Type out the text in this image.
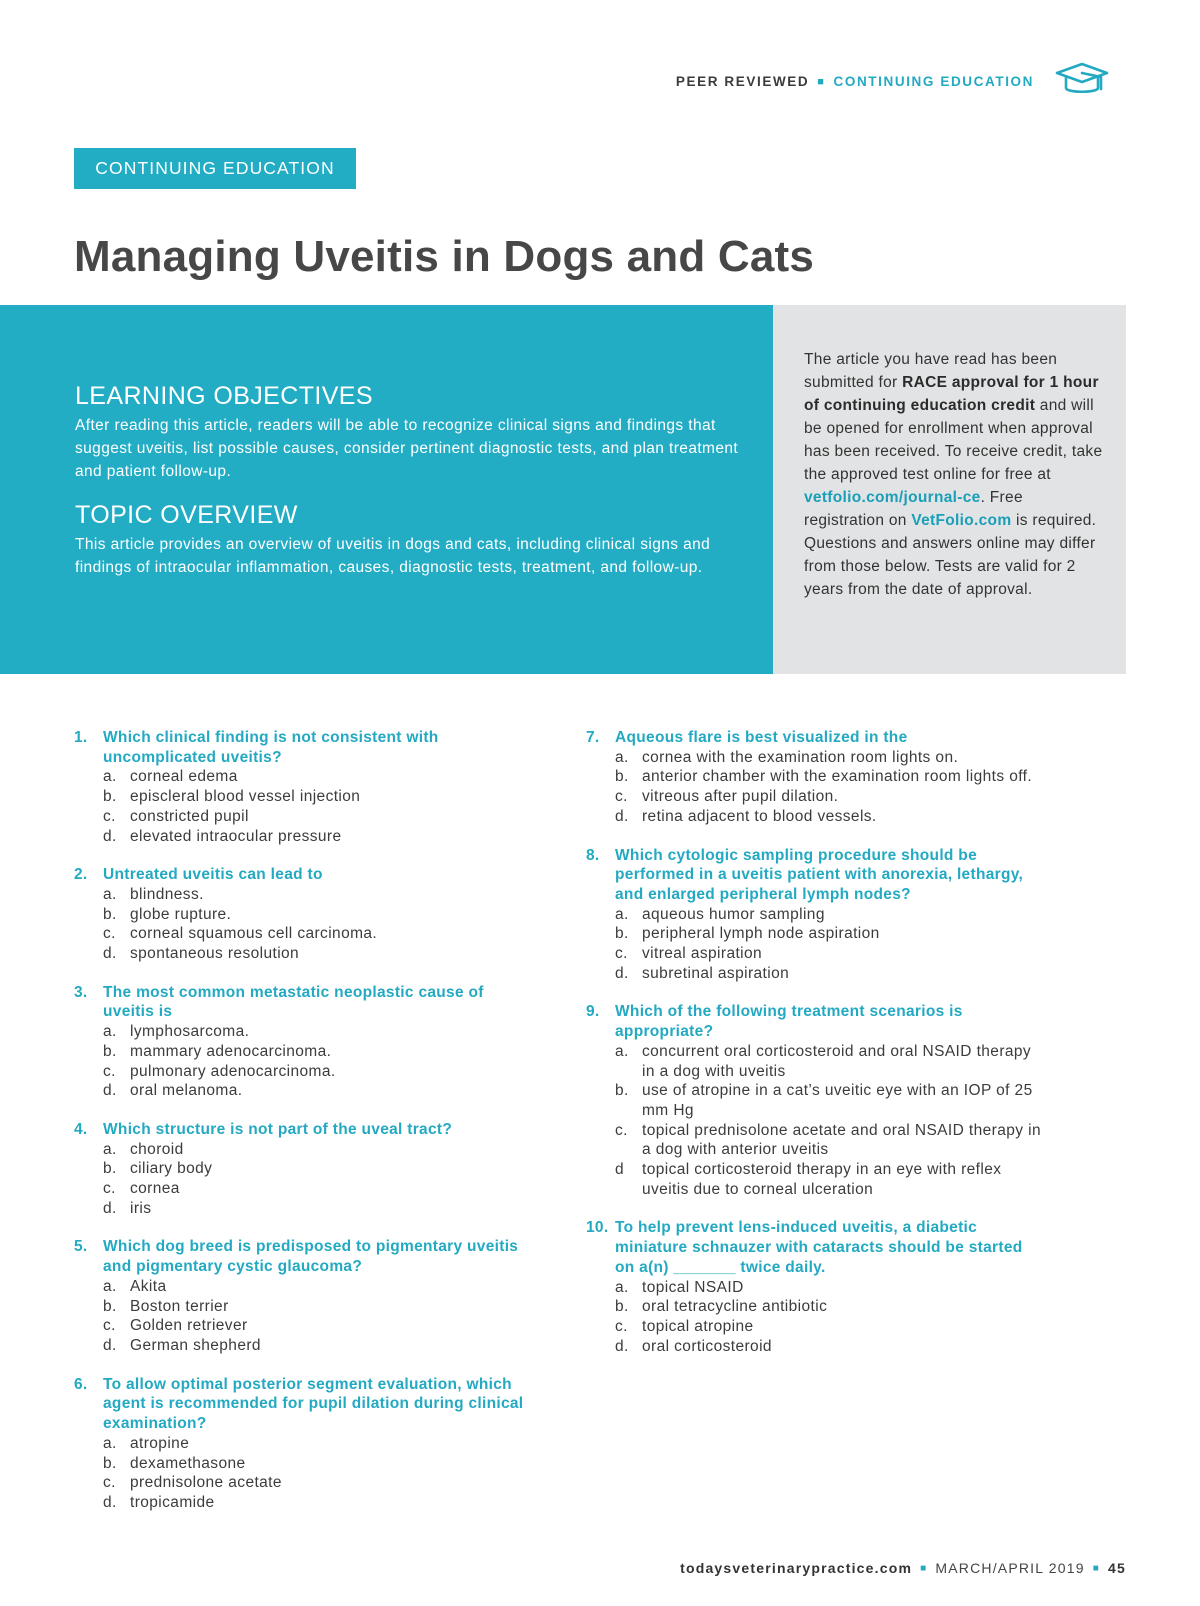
PEER REVIEWED ■ CONTINUING EDUCATION
CONTINUING EDUCATION
Managing Uveitis in Dogs and Cats
LEARNING OBJECTIVES

After reading this article, readers will be able to recognize clinical signs and findings that suggest uveitis, list possible causes, consider pertinent diagnostic tests, and plan treatment and patient follow-up.

TOPIC OVERVIEW

This article provides an overview of uveitis in dogs and cats, including clinical signs and findings of intraocular inflammation, causes, diagnostic tests, treatment, and follow-up.

The article you have read has been submitted for RACE approval for 1 hour of continuing education credit and will be opened for enrollment when approval has been received. To receive credit, take the approved test online for free at vetfolio.com/journal-ce. Free registration on VetFolio.com is required. Questions and answers online may differ from those below. Tests are valid for 2 years from the date of approval.
1. Which clinical finding is not consistent with uncomplicated uveitis?
a. corneal edema
b. episcleral blood vessel injection
c. constricted pupil
d. elevated intraocular pressure
2. Untreated uveitis can lead to
a. blindness.
b. globe rupture.
c. corneal squamous cell carcinoma.
d. spontaneous resolution
3. The most common metastatic neoplastic cause of uveitis is
a. lymphosarcoma.
b. mammary adenocarcinoma.
c. pulmonary adenocarcinoma.
d. oral melanoma.
4. Which structure is not part of the uveal tract?
a. choroid
b. ciliary body
c. cornea
d. iris
5. Which dog breed is predisposed to pigmentary uveitis and pigmentary cystic glaucoma?
a. Akita
b. Boston terrier
c. Golden retriever
d. German shepherd
6. To allow optimal posterior segment evaluation, which agent is recommended for pupil dilation during clinical examination?
a. atropine
b. dexamethasone
c. prednisolone acetate
d. tropicamide
7. Aqueous flare is best visualized in the
a. cornea with the examination room lights on.
b. anterior chamber with the examination room lights off.
c. vitreous after pupil dilation.
d. retina adjacent to blood vessels.
8. Which cytologic sampling procedure should be performed in a uveitis patient with anorexia, lethargy, and enlarged peripheral lymph nodes?
a. aqueous humor sampling
b. peripheral lymph node aspiration
c. vitreal aspiration
d. subretinal aspiration
9. Which of the following treatment scenarios is appropriate?
a. concurrent oral corticosteroid and oral NSAID therapy in a dog with uveitis
b. use of atropine in a cat’s uveitic eye with an IOP of 25 mm Hg
c. topical prednisolone acetate and oral NSAID therapy in a dog with anterior uveitis
d	topical corticosteroid therapy in an eye with reflex uveitis due to corneal ulceration
10. To help prevent lens-induced uveitis, a diabetic miniature schnauzer with cataracts should be started on a(n) _______ twice daily.
a. topical NSAID
b. oral tetracycline antibiotic
c. topical atropine
d. oral corticosteroid
todaysveterinarypractice.com ■ MARCH/APRIL 2019 ■ 45
